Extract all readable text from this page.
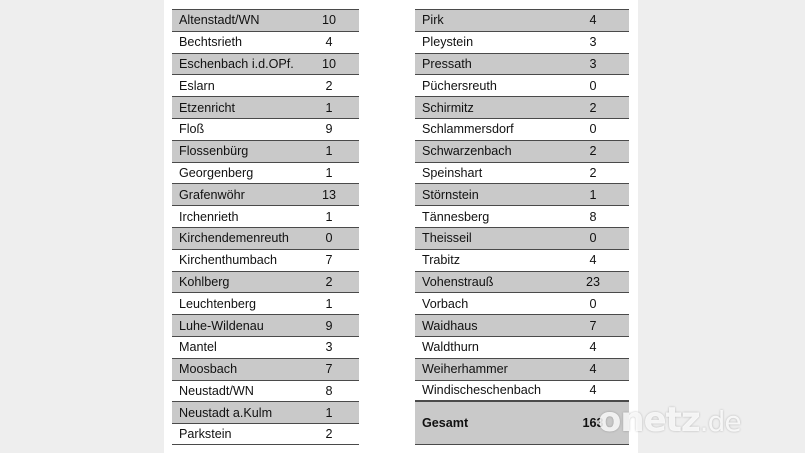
Altenstadt/WN	10
Bechtsrieth	4
Eschenbach i.d.OPf.	10
Eslarn	2
Etzenricht	1
Floß	9
Flossenbürg	1
Georgenberg	1
Grafenwöhr	13
Irchenrieth	1
Kirchendemenreuth	0
Kirchenthumbach	7
Kohlberg	2
Leuchtenberg	1
Luhe-Wildenau	9
Mantel	3
Moosbach	7
Neustadt/WN	8
Neustadt a.Kulm	1
Parkstein	2
Pirk	4
Pleystein	3
Pressath	3
Püchersreuth	0
Schirmitz	2
Schlammersdorf	0
Schwarzenbach	2
Speinshart	2
Störnstein	1
Tännesberg	8
Theisseil	0
Trabitz	4
Vohenstrauß	23
Vorbach	0
Waidhaus	7
Waldthurn	4
Weiherhammer	4
Windischeschenbach	4
Gesamt	163
onetz.de
